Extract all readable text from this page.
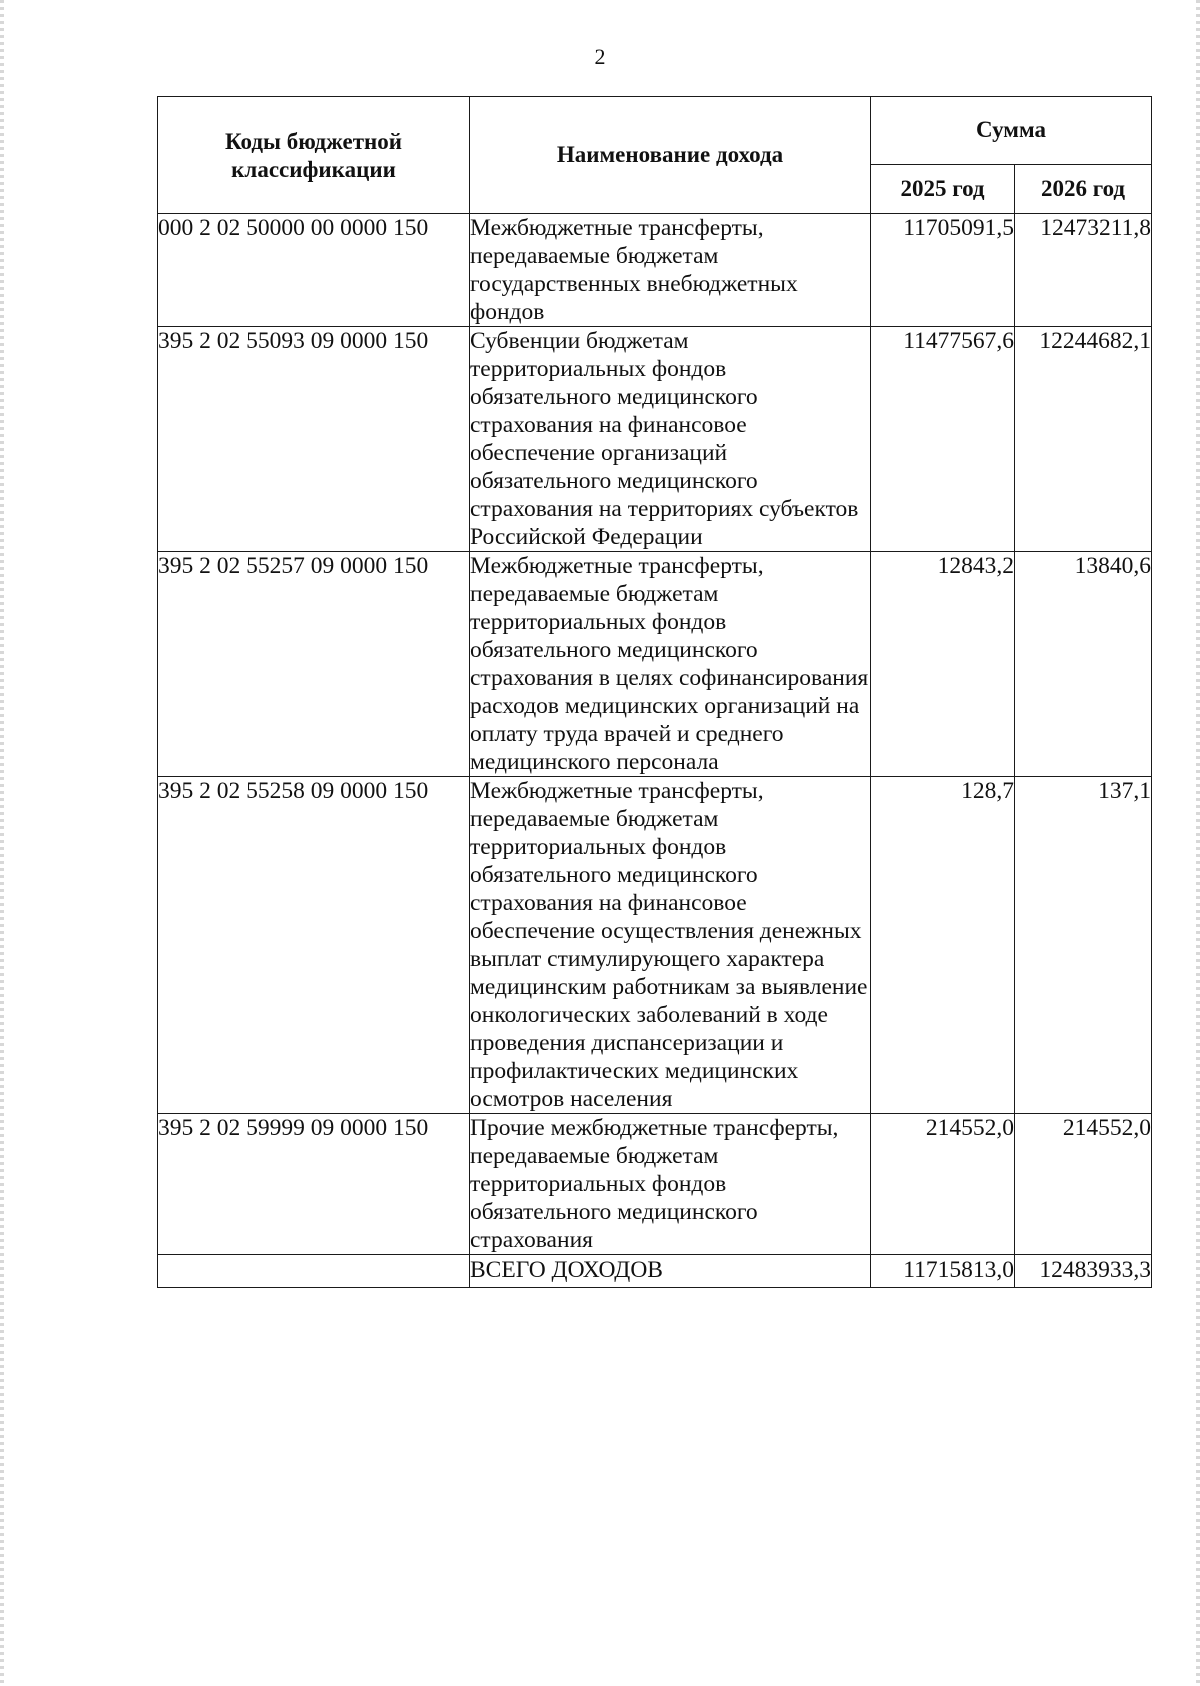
2
Коды бюджетной классификации	Наименование дохода	Сумма	
		2025 год	2026 год
000 2 02 50000 00 0000 150	Межбюджетные трансферты, передаваемые бюджетам государственных внебюджетных фондов	11705091,5	12473211,8
395 2 02 55093 09 0000 150	Субвенции бюджетам территориальных фондов обязательного медицинского страхования на финансовое обеспечение организаций обязательного медицинского страхования на территориях субъектов Российской Федерации	11477567,6	12244682,1
395 2 02 55257 09 0000 150	Межбюджетные трансферты, передаваемые бюджетам территориальных фондов обязательного медицинского страхования в целях софинансирования расходов медицинских организаций на оплату труда врачей и среднего медицинского персонала	12843,2	13840,6
395 2 02 55258 09 0000 150	Межбюджетные трансферты, передаваемые бюджетам территориальных фондов обязательного медицинского страхования на финансовое обеспечение осуществления денежных выплат стимулирующего характера медицинским работникам за выявление онкологических заболеваний в ходе проведения диспансеризации и профилактических медицинских осмотров населения	128,7	137,1
395 2 02 59999 09 0000 150	Прочие межбюджетные трансферты, передаваемые бюджетам территориальных фондов обязательного медицинского страхования	214552,0	214552,0
	ВСЕГО ДОХОДОВ	11715813,0	12483933,3
